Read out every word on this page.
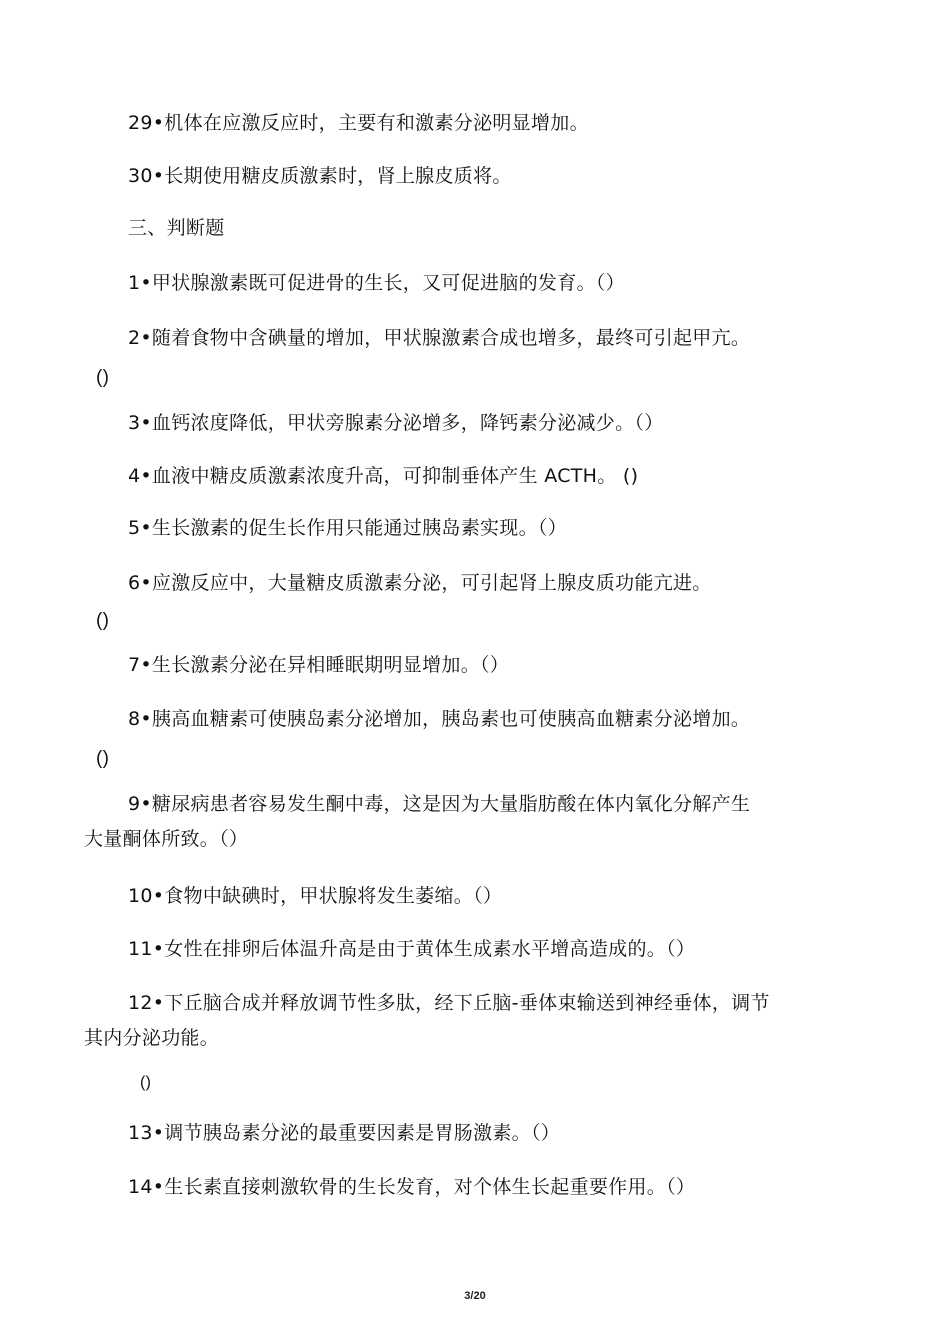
29•机体在应激反应时，主要有和激素分泌明显增加。
30•长期使用糖皮质激素时，肾上腺皮质将。
三、判断题
1•甲状腺激素既可促进骨的生长，又可促进脑的发育。（）
2•随着食物中含碘量的增加，甲状腺激素合成也增多，最终可引起甲亢。
()
3•血钙浓度降低，甲状旁腺素分泌增多，降钙素分泌减少。（）
4•血液中糖皮质激素浓度升高，可抑制垂体产生 ACTH。 ()
5•生长激素的促生长作用只能通过胰岛素实现。（）
6•应激反应中，大量糖皮质激素分泌，可引起肾上腺皮质功能亢进。
()
7•生长激素分泌在异相睡眠期明显增加。（）
8•胰高血糖素可使胰岛素分泌增加，胰岛素也可使胰高血糖素分泌增加。
()
9•糖尿病患者容易发生酮中毒，这是因为大量脂肪酸在体内氧化分解产生
大量酮体所致。（）
10•食物中缺碘时，甲状腺将发生萎缩。（）
11•女性在排卵后体温升高是由于黄体生成素水平增高造成的。（）
12•下丘脑合成并释放调节性多肽，经下丘脑-垂体束输送到神经垂体，调节
其内分泌功能。
()
13•调节胰岛素分泌的最重要因素是胃肠激素。（）
14•生长素直接刺激软骨的生长发育，对个体生长起重要作用。（）
3/20
